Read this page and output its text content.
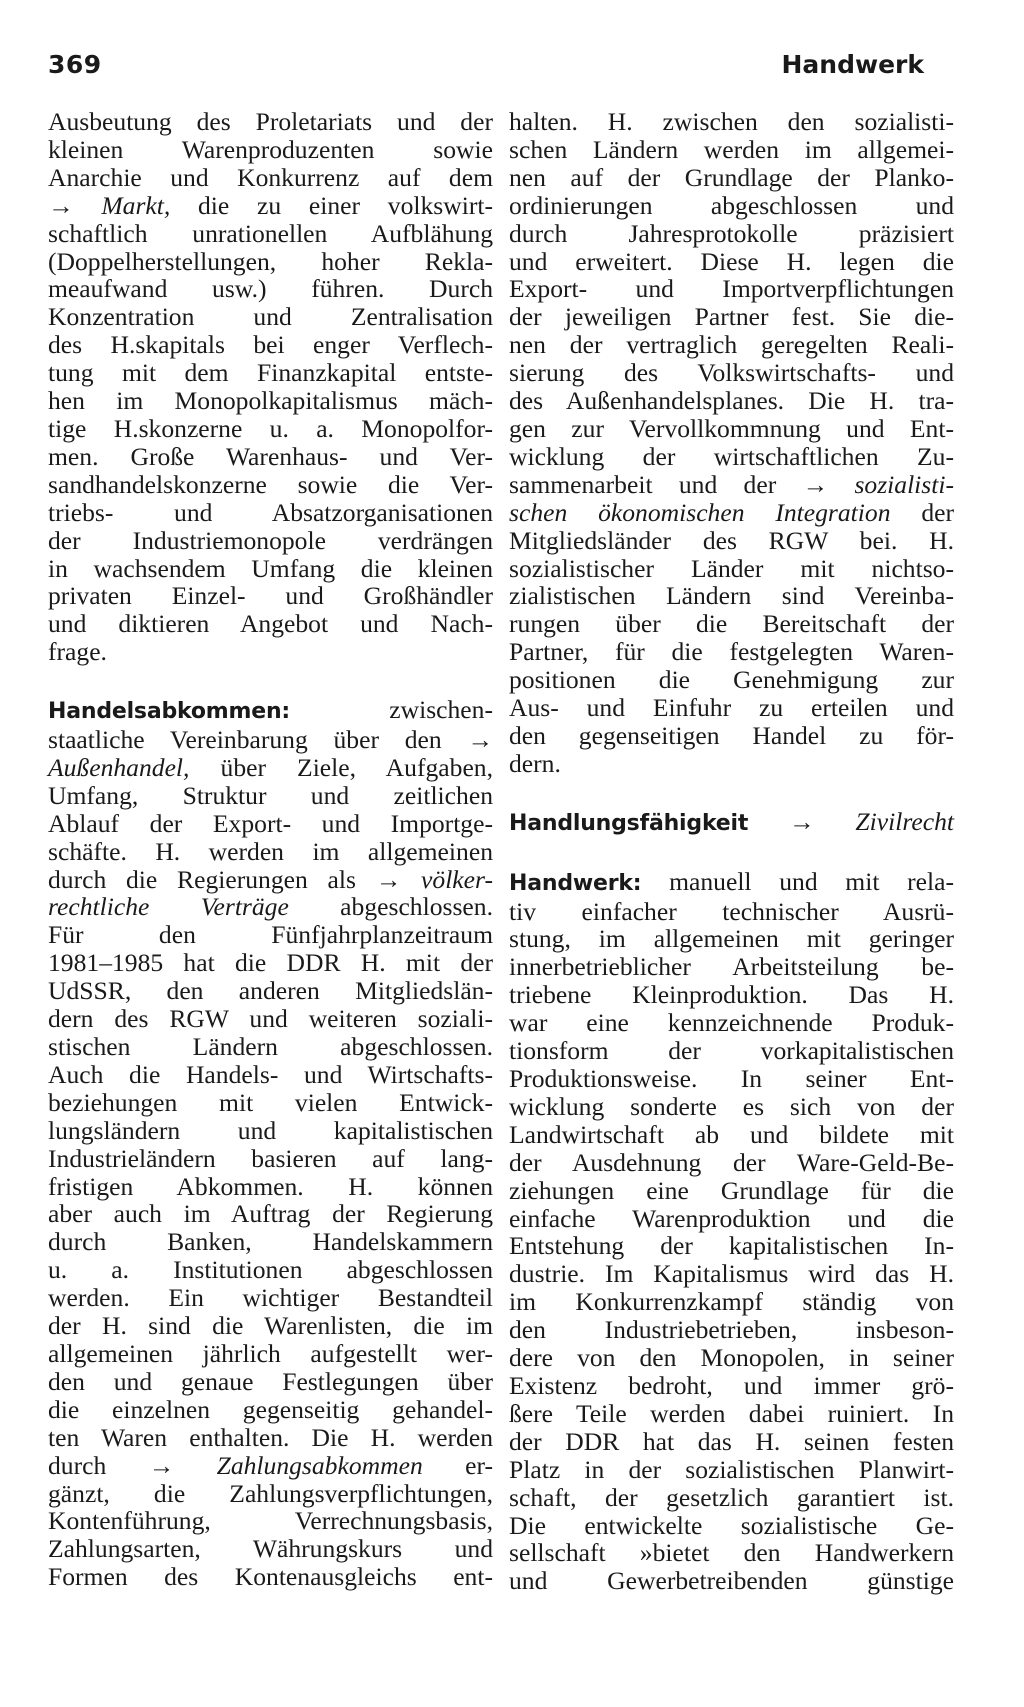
369	Handwerk
Ausbeutung des Proletariats und der
kleinen Warenproduzenten sowie
Anarchie und Konkurrenz auf dem
→ Markt, die zu einer volkswirt-
schaftlich unrationellen Aufblähung
(Doppelherstellungen, hoher Rekla-
meaufwand usw.) führen. Durch
Konzentration und Zentralisation
des H.skapitals bei enger Verflech-
tung mit dem Finanzkapital entste-
hen im Monopolkapitalismus mäch-
tige H.skonzerne u. a. Monopolfor-
men. Große Warenhaus- und Ver-
sandhandelskonzerne sowie die Ver-
triebs- und Absatzorganisationen
der Industriemonopole verdrängen
in wachsendem Umfang die kleinen
privaten Einzel- und Großhändler
und diktieren Angebot und Nach-
frage.
Handelsabkommen: zwischen-
staatliche Vereinbarung über den →
Außenhandel, über Ziele, Aufgaben,
Umfang, Struktur und zeitlichen
Ablauf der Export- und Importge-
schäfte. H. werden im allgemeinen
durch die Regierungen als → völker-
rechtliche Verträge abgeschlossen.
Für den Fünfjahrplanzeitraum
1981–1985 hat die DDR H. mit der
UdSSR, den anderen Mitgliedslän-
dern des RGW und weiteren soziali-
stischen Ländern abgeschlossen.
Auch die Handels- und Wirtschafts-
beziehungen mit vielen Entwick-
lungsländern und kapitalistischen
Industrieländern basieren auf lang-
fristigen Abkommen. H. können
aber auch im Auftrag der Regierung
durch Banken, Handelskammern
u. a. Institutionen abgeschlossen
werden. Ein wichtiger Bestandteil
der H. sind die Warenlisten, die im
allgemeinen jährlich aufgestellt wer-
den und genaue Festlegungen über
die einzelnen gegenseitig gehandel-
ten Waren enthalten. Die H. werden
durch → Zahlungsabkommen er-
gänzt, die Zahlungsverpflichtungen,
Kontenführung, Verrechnungsbasis,
Zahlungsarten, Währungskurs und
Formen des Kontenausgleichs ent-
halten. H. zwischen den sozialisti-
schen Ländern werden im allgemei-
nen auf der Grundlage der Planko-
ordinierungen abgeschlossen und
durch Jahresprotokolle präzisiert
und erweitert. Diese H. legen die
Export- und Importverpflichtungen
der jeweiligen Partner fest. Sie die-
nen der vertraglich geregelten Reali-
sierung des Volkswirtschafts- und
des Außenhandelsplanes. Die H. tra-
gen zur Vervollkommnung und Ent-
wicklung der wirtschaftlichen Zu-
sammenarbeit und der → sozialisti-
schen ökonomischen Integration der
Mitgliedsländer des RGW bei. H.
sozialistischer Länder mit nichtso-
zialistischen Ländern sind Vereinba-
rungen über die Bereitschaft der
Partner, für die festgelegten Waren-
positionen die Genehmigung zur
Aus- und Einfuhr zu erteilen und
den gegenseitigen Handel zu för-
dern.
Handlungsfähigkeit → Zivilrecht
Handwerk: manuell und mit rela-
tiv einfacher technischer Ausrü-
stung, im allgemeinen mit geringer
innerbetrieblicher Arbeitsteilung be-
triebene Kleinproduktion. Das H.
war eine kennzeichnende Produk-
tionsform der vorkapitalistischen
Produktionsweise. In seiner Ent-
wicklung sonderte es sich von der
Landwirtschaft ab und bildete mit
der Ausdehnung der Ware-Geld-Be-
ziehungen eine Grundlage für die
einfache Warenproduktion und die
Entstehung der kapitalistischen In-
dustrie. Im Kapitalismus wird das H.
im Konkurrenzkampf ständig von
den Industriebetrieben, insbeson-
dere von den Monopolen, in seiner
Existenz bedroht, und immer grö-
ßere Teile werden dabei ruiniert. In
der DDR hat das H. seinen festen
Platz in der sozialistischen Planwirt-
schaft, der gesetzlich garantiert ist.
Die entwickelte sozialistische Ge-
sellschaft »bietet den Handwerkern
und Gewerbetreibenden günstige
